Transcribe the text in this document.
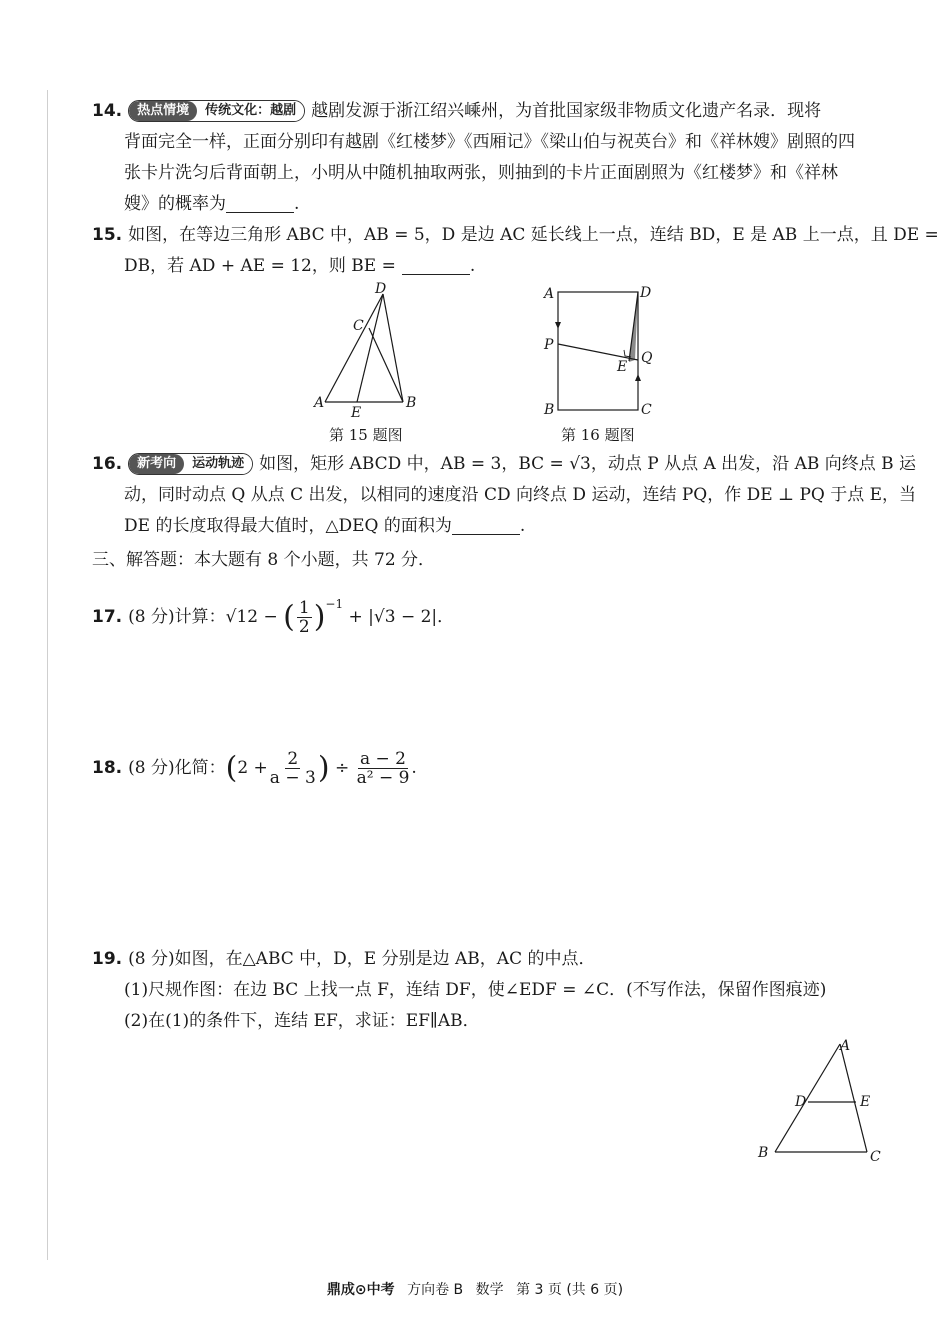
14.	热点情境	传统文化：越剧 越剧发源于浙江绍兴嵊州，为首批国家级非物质文化遗产名录．现将
背面完全一样，正面分别印有越剧《红楼梦》《西厢记》《梁山伯与祝英台》和《祥林嫂》剧照的四
张卡片洗匀后背面朝上，小明从中随机抽取两张，则抽到的卡片正面剧照为《红楼梦》和《祥林
嫂》的概率为	.
15. 如图，在等边三角形 ABC 中，AB = 5，D 是边 AC 延长线上一点，连结 BD，E 是 AB 上一点，且 DE =
DB，若 AD + AE = 12，则 BE =	.
D
C
A	B
E
第 15 题图
A	D
P
Q
E
B	C
第 16 题图
16.	新考向	运动轨迹 如图，矩形 ABCD 中，AB = 3，BC = √3，动点 P 从点 A 出发，沿 AB 向终点 B 运
动，同时动点 Q 从点 C 出发，以相同的速度沿 CD 向终点 D 运动，连结 PQ，作 DE ⊥ PQ 于点 E，当
DE 的长度取得最大值时，△DEQ 的面积为	.
三、解答题：本大题有 8 个小题，共 72 分．
17. (8 分)计算：√12 − ( $\frac{1}{2} )^{-1} + |√3 - 2|$．
18. (8 分)化简：($2 + \frac{2}{a - 3}$ ) ÷ $\frac{a - 2}{\text{a² − 9}}$ .
19. (8 分)如图，在△ABC 中，D，E 分别是边 AB，AC 的中点．
(1)尺规作图：在边 BC 上找一点 F，连结 DF，使∠EDF = ∠C．(不写作法，保留作图痕迹)
(2)在(1)的条件下，连结 EF，求证：EF∥AB．
A
D	E
B	C
鼎成⊙中考 方向卷 B 数学 第 3 页 (共 6 页)
